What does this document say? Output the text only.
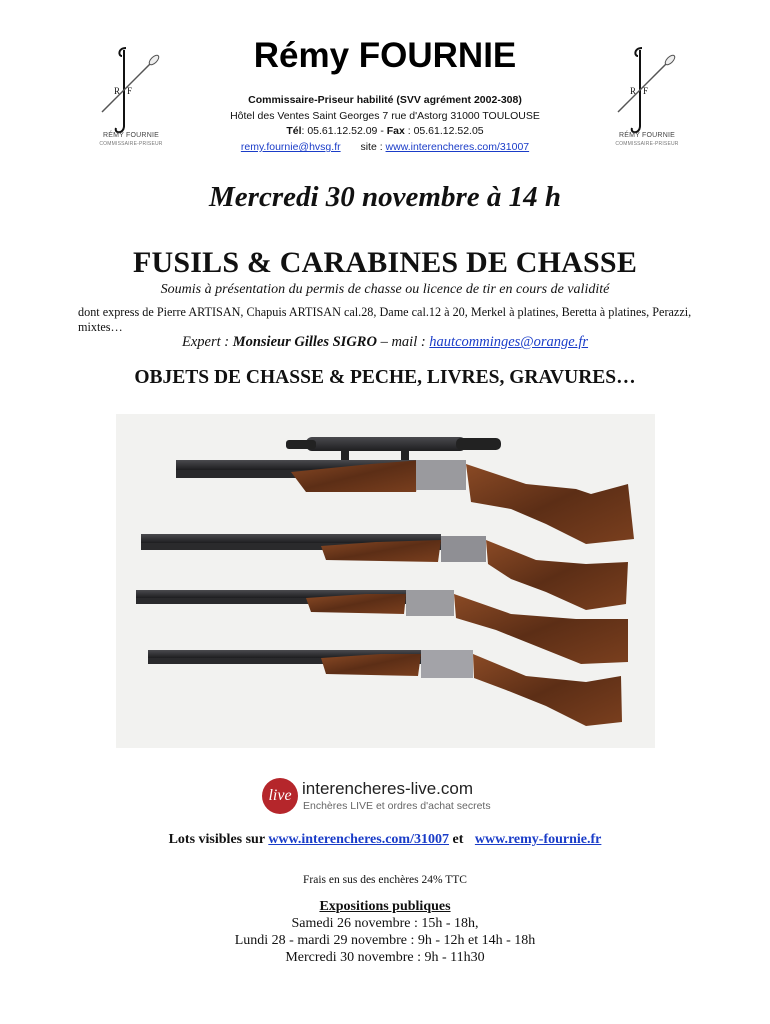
R F
RÉMY FOURNIE
COMMISSAIRE-PRISEUR
R F
RÉMY FOURNIE
COMMISSAIRE-PRISEUR
Rémy FOURNIE
Commissaire-Priseur habilité (SVV agrément 2002-308)
Hôtel des Ventes Saint Georges 7 rue d'Astorg 31000 TOULOUSE
Tél: 05.61.12.52.09 - Fax : 05.61.12.52.05
remy.fournie@hvsg.fr site : www.interencheres.com/31007
Mercredi 30 novembre à 14 h
FUSILS & CARABINES DE CHASSE
Soumis à présentation du permis de chasse ou licence de tir en cours de validité
dont express de Pierre ARTISAN, Chapuis ARTISAN cal.28, Dame cal.12 à 20, Merkel à platines, Beretta à platines, Perazzi, mixtes…
Expert : Monsieur Gilles SIGRO – mail : hautcomminges@orange.fr
OBJETS DE CHASSE & PECHE, LIVRES, GRAVURES…
live interencheres-live.com
Enchères LIVE et ordres d'achat secrets
Lots visibles sur www.interencheres.com/31007 et www.remy-fournie.fr
Frais en sus des enchères 24% TTC
Expositions publiques
Samedi 26 novembre : 15h - 18h,
Lundi 28 - mardi 29 novembre : 9h - 12h et 14h - 18h
Mercredi 30 novembre : 9h - 11h30
